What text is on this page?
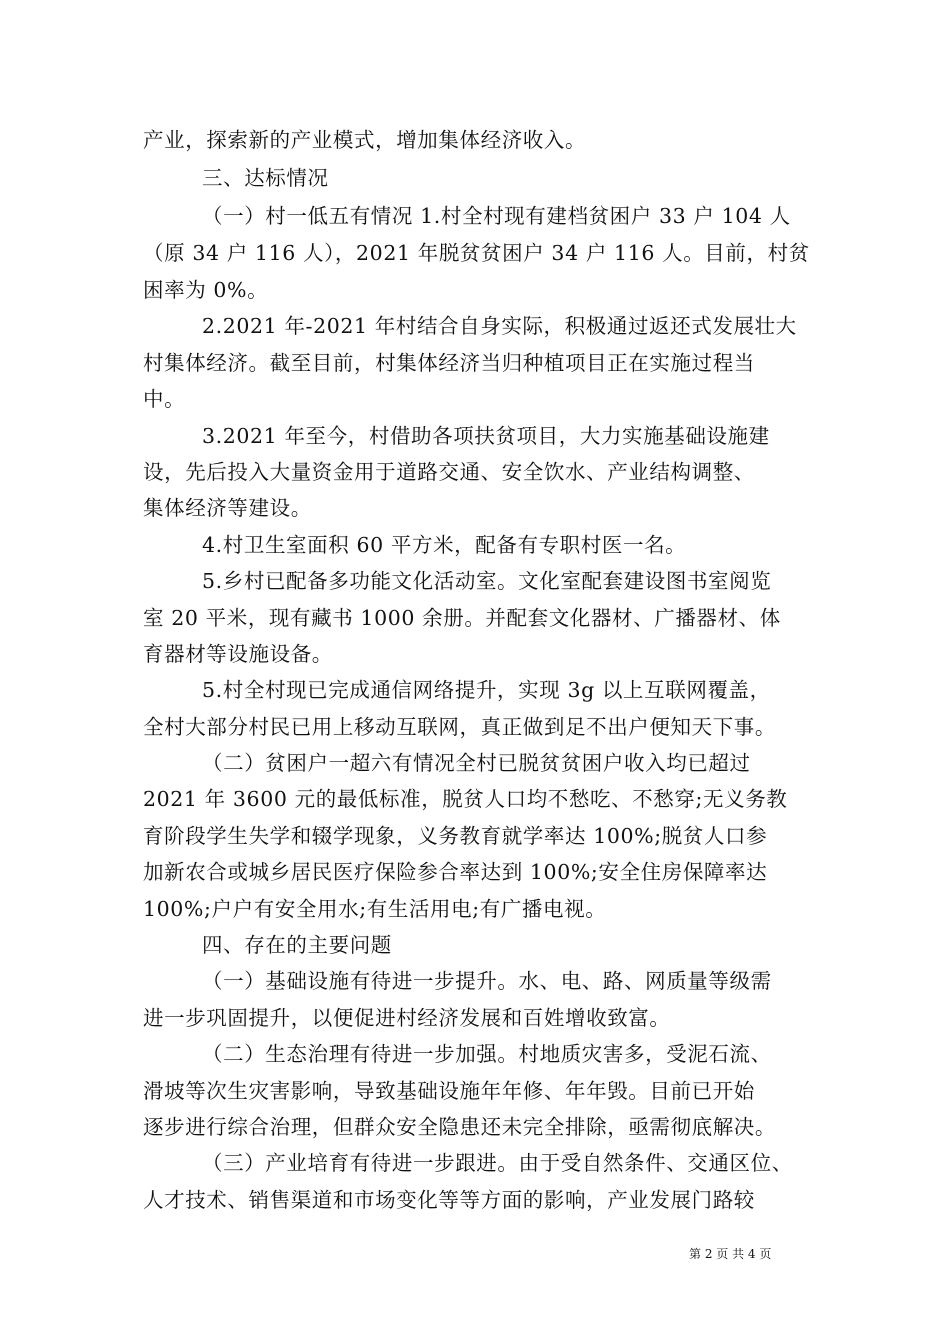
产业，探索新的产业模式，增加集体经济收入。
三、达标情况
（一）村一低五有情况 1.村全村现有建档贫困户 33 户 104 人
（原 34 户 116 人），2021 年脱贫贫困户 34 户 116 人。目前，村贫
困率为 0%。
2.2021 年-2021 年村结合自身实际，积极通过返还式发展壮大
村集体经济。截至目前，村集体经济当归种植项目正在实施过程当
中。
3.2021 年至今，村借助各项扶贫项目，大力实施基础设施建
设，先后投入大量资金用于道路交通、安全饮水、产业结构调整、
集体经济等建设。
4.村卫生室面积 60 平方米，配备有专职村医一名。
5.乡村已配备多功能文化活动室。文化室配套建设图书室阅览
室 20 平米，现有藏书 1000 余册。并配套文化器材、广播器材、体
育器材等设施设备。
5.村全村现已完成通信网络提升，实现 3g 以上互联网覆盖，
全村大部分村民已用上移动互联网，真正做到足不出户便知天下事。
（二）贫困户一超六有情况全村已脱贫贫困户收入均已超过
2021 年 3600 元的最低标准，脱贫人口均不愁吃、不愁穿;无义务教
育阶段学生失学和辍学现象，义务教育就学率达 100%;脱贫人口参
加新农合或城乡居民医疗保险参合率达到 100%;安全住房保障率达
100%;户户有安全用水;有生活用电;有广播电视。
四、存在的主要问题
（一）基础设施有待进一步提升。水、电、路、网质量等级需
进一步巩固提升，以便促进村经济发展和百姓增收致富。
（二）生态治理有待进一步加强。村地质灾害多，受泥石流、
滑坡等次生灾害影响，导致基础设施年年修、年年毁。目前已开始
逐步进行综合治理，但群众安全隐患还未完全排除，亟需彻底解决。
（三）产业培育有待进一步跟进。由于受自然条件、交通区位、
人才技术、销售渠道和市场变化等等方面的影响，产业发展门路较
第 2 页 共 4 页
